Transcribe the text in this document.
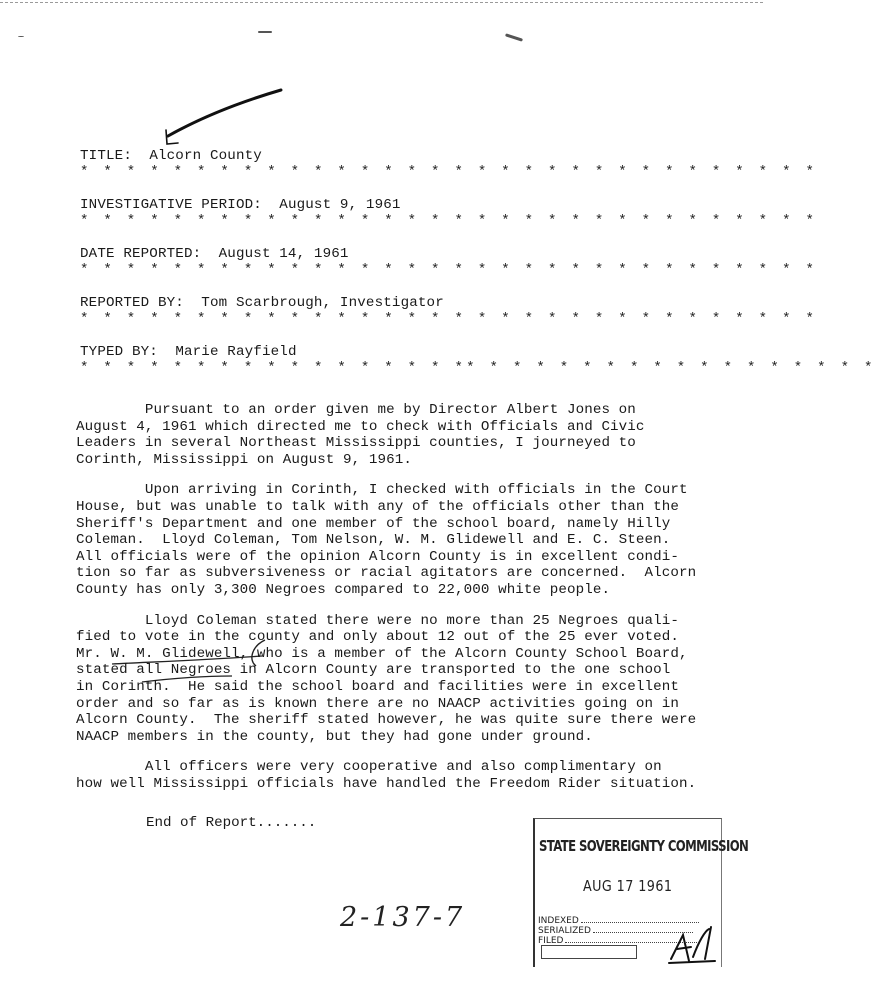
TITLE: Alcorn County
* * * * * * * * * * * * * * * * * * * * * * * * * * * * * * * *
INVESTIGATIVE PERIOD: August 9, 1961
* * * * * * * * * * * * * * * * * * * * * * * * * * * * * * * *
DATE REPORTED: August 14, 1961
* * * * * * * * * * * * * * * * * * * * * * * * * * * * * * * *
REPORTED BY: Tom Scarbrough, Investigator
* * * * * * * * * * * * * * * * * * * * * * * * * * * * * * * *
TYPED BY: Marie Rayfield
* * * * * * * * * * * * * * * * ** * * * * * * * * * * * * * * * * *
Pursuant to an order given me by Director Albert Jones on
August 4, 1961 which directed me to check with Officials and Civic
Leaders in several Northeast Mississippi counties, I journeyed to
Corinth, Mississippi on August 9, 1961.
Upon arriving in Corinth, I checked with officials in the Court
House, but was unable to talk with any of the officials other than the
Sheriff's Department and one member of the school board, namely Hilly
Coleman.  Lloyd Coleman, Tom Nelson, W. M. Glidewell and E. C. Steen.
All officials were of the opinion Alcorn County is in excellent condi-
tion so far as subversiveness or racial agitators are concerned.  Alcorn
County has only 3,300 Negroes compared to 22,000 white people.
Lloyd Coleman stated there were no more than 25 Negroes quali-
fied to vote in the county and only about 12 out of the 25 ever voted.
Mr. W. M. Glidewell, who is a member of the Alcorn County School Board,
stated all Negroes in Alcorn County are transported to the one school
in Corinth.  He said the school board and facilities were in excellent
order and so far as is known there are no NAACP activities going on in
Alcorn County.  The sheriff stated however, he was quite sure there were
NAACP members in the county, but they had gone under ground.
All officers were very cooperative and also complimentary on
how well Mississippi officials have handled the Freedom Rider situation.
End of Report.......
STATE SOVEREIGNTY COMMISSION
AUG 17 1961
INDEXED
SERIALIZED
FILED
2-137-7
